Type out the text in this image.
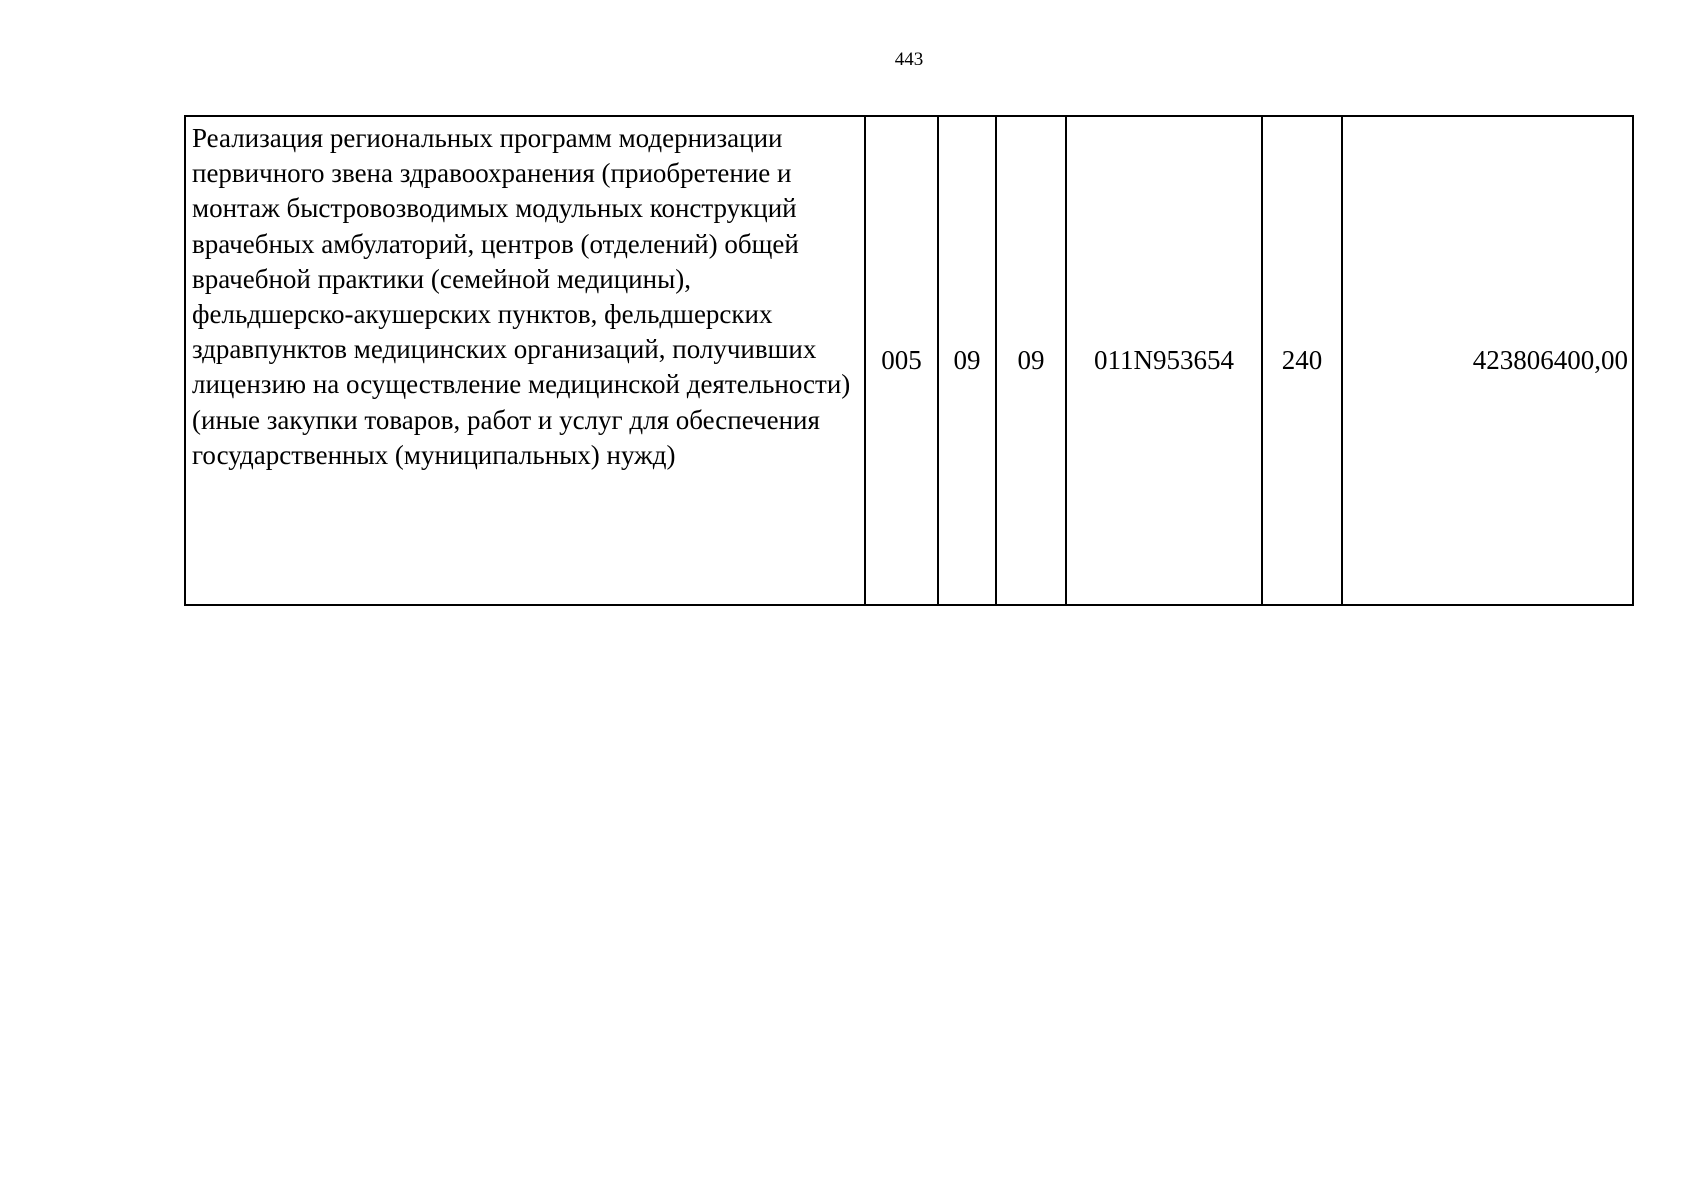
443
Реализация региональных программ модернизации первичного звена здравоохранения (приобретение и монтаж быстровозводимых модульных конструкций врачебных амбулаторий, центров (отделений) общей врачебной практики (семейной медицины), фельдшерско-акушерских пунктов, фельдшерских здравпунктов медицинских организаций, получивших лицензию на осуществление медицинской деятельности) (иные закупки товаров, работ и услуг для обеспечения государственных (муниципальных) нужд)	005	09	09	011N953654	240	423806400,00
